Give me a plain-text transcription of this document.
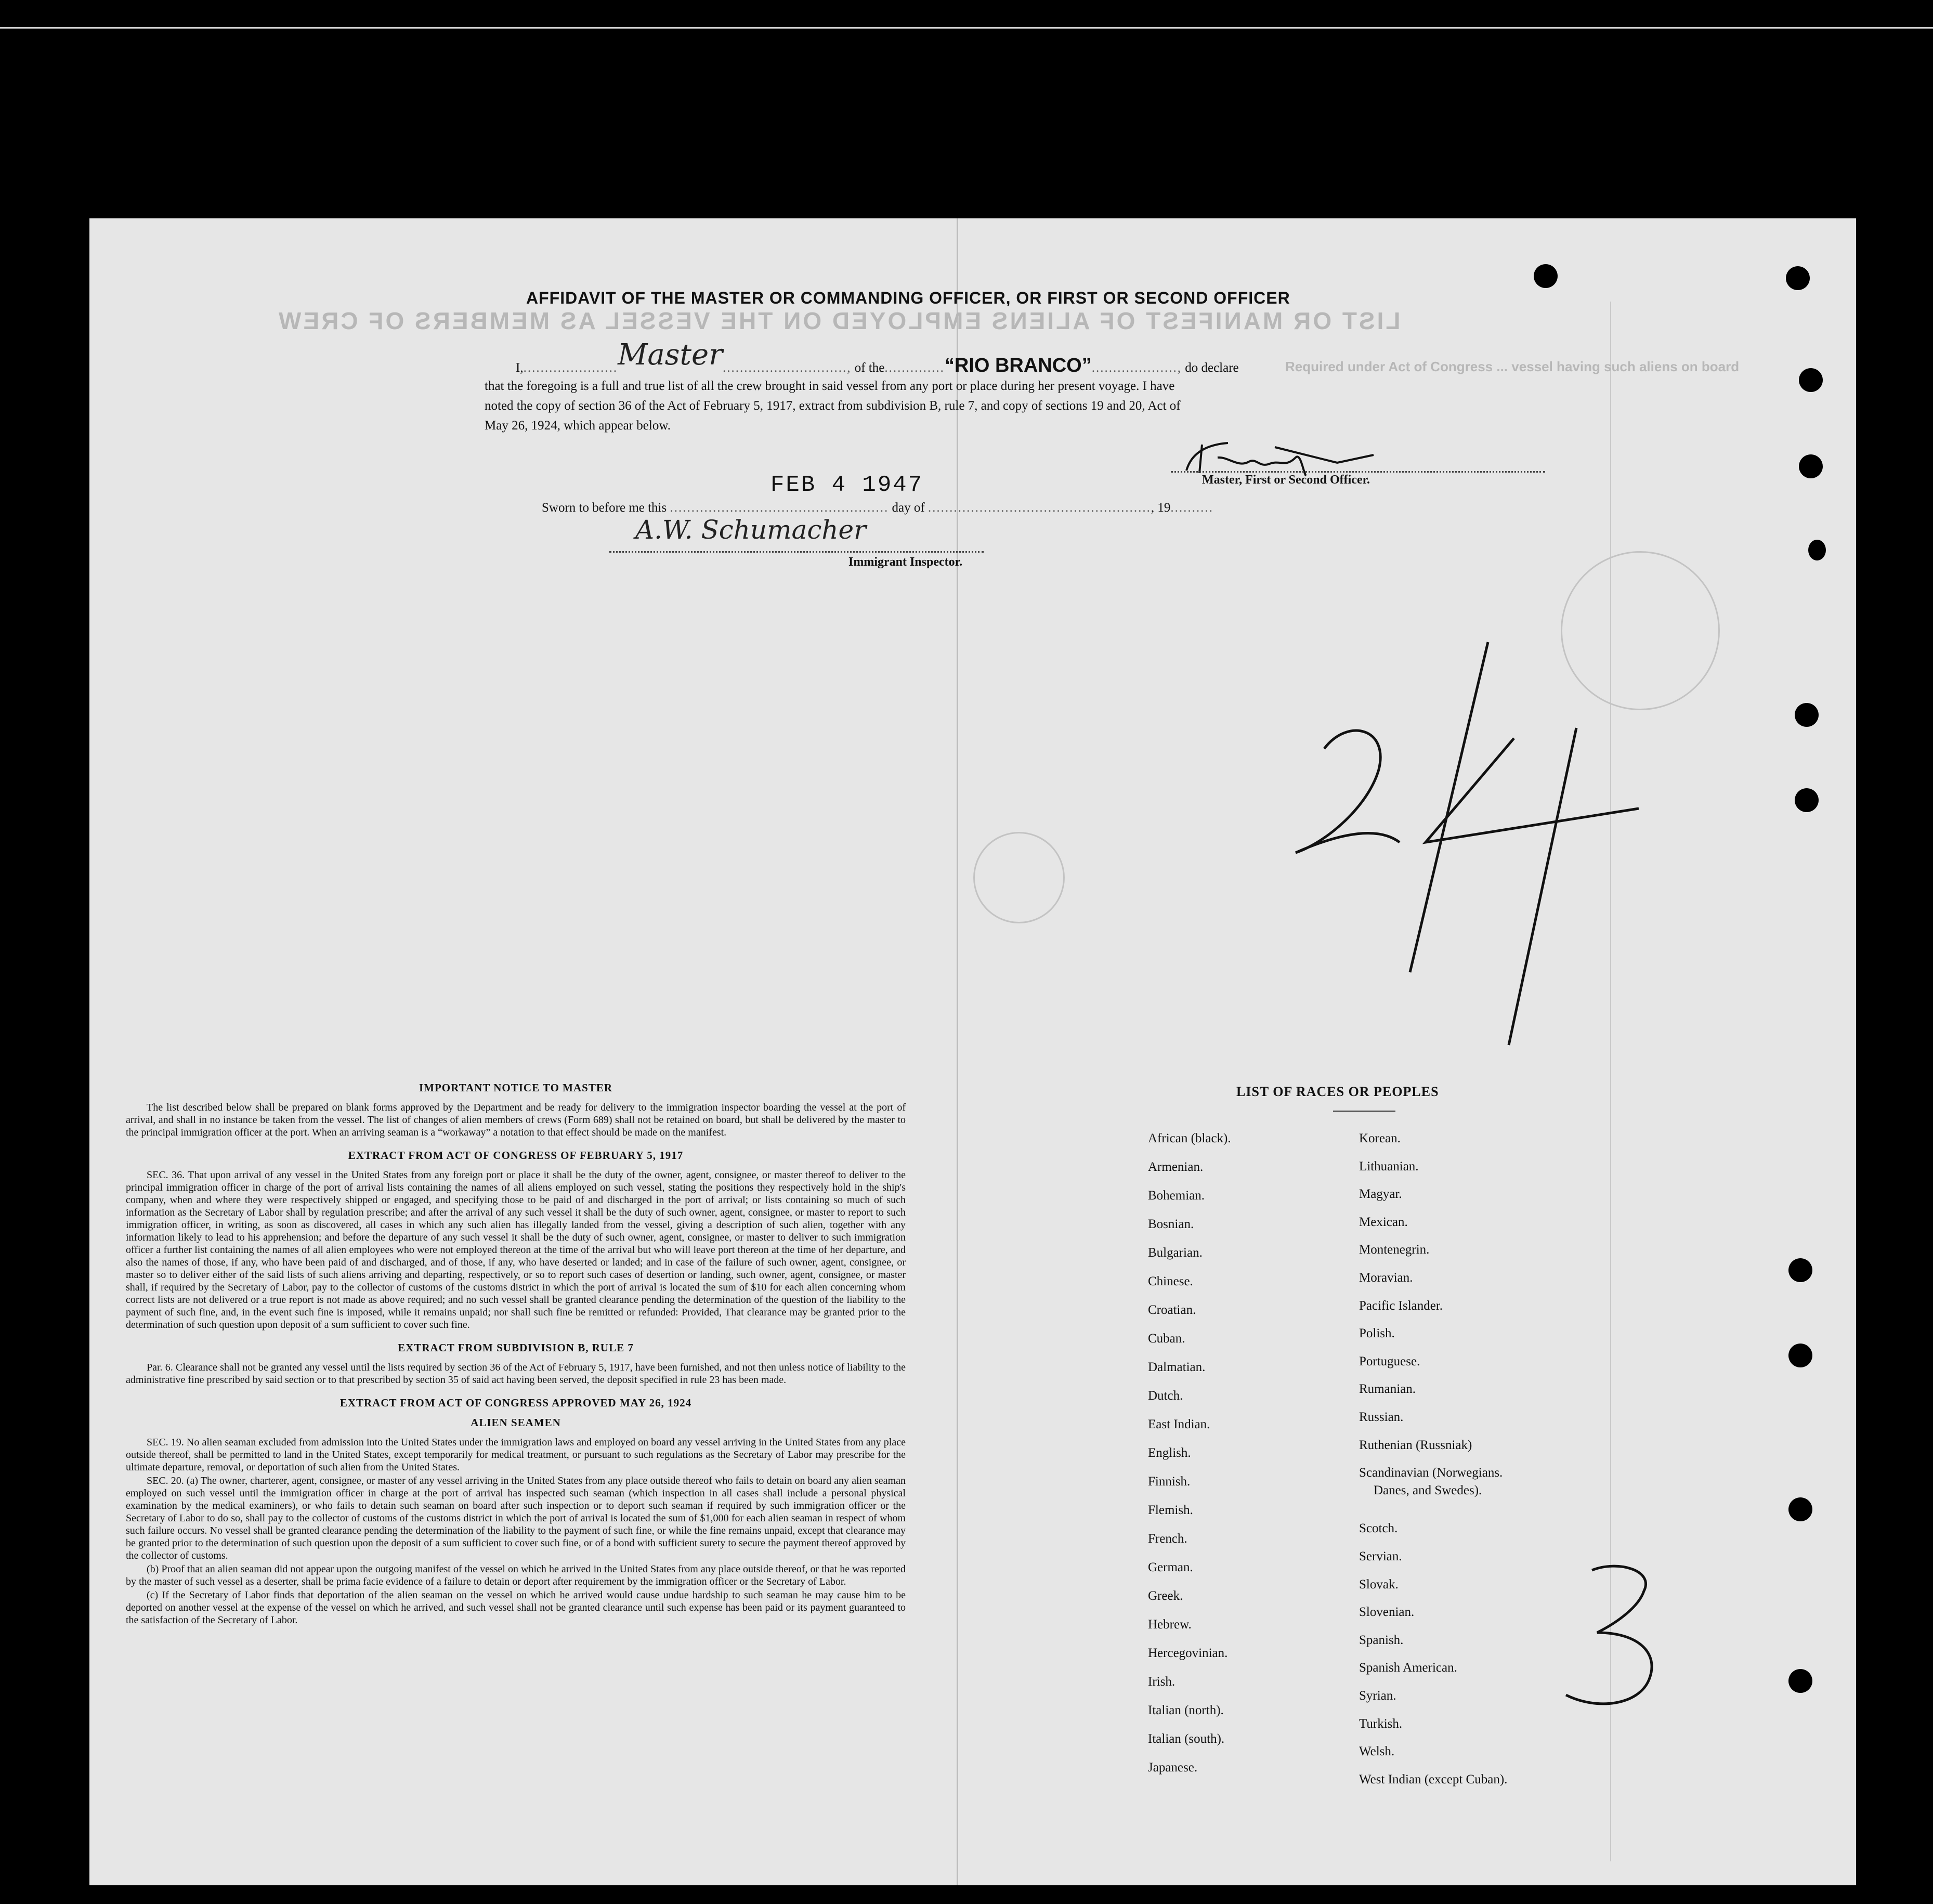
LIST OR MANIFEST OF ALIENS EMPLOYED ON THE VESSEL AS MEMBERS OF CREW
Required under Act of Congress ... vessel having such aliens on board
AFFIDAVIT OF THE MASTER OR COMMANDING OFFICER, OR FIRST OR SECOND OFFICER
I,......................Master............................., of the..............“RIO BRANCO”...................., do declare
that the foregoing is a full and true list of all the crew brought in said vessel from any port or place during her present voyage. I have
noted the copy of section 36 of the Act of February 5, 1917, extract from subdivision B, rule 7, and copy of sections 19 and 20, Act of
May 26, 1924, which appear below.
Master, First or Second Officer.
Sworn to before me this ................................................... day of ...................................................., 19..........
FEB 4 1947
A.W. Schumacher
Immigrant Inspector.
IMPORTANT NOTICE TO MASTER

The list described below shall be prepared on blank forms approved by the Department and be ready for delivery to the immigration inspector boarding the vessel at the port of arrival, and shall in no instance be taken from the vessel. The list of changes of alien members of crews (Form 689) shall not be retained on board, but shall be delivered by the master to the principal immigration officer at the port. When an arriving seaman is a “workaway” a notation to that effect should be made on the manifest.

EXTRACT FROM ACT OF CONGRESS OF FEBRUARY 5, 1917

SEC. 36. That upon arrival of any vessel in the United States from any foreign port or place it shall be the duty of the owner, agent, consignee, or master thereof to deliver to the principal immigration officer in charge of the port of arrival lists containing the names of all aliens employed on such vessel, stating the positions they respectively hold in the ship's company, when and where they were respectively shipped or engaged, and specifying those to be paid of and discharged in the port of arrival; or lists containing so much of such information as the Secretary of Labor shall by regulation prescribe; and after the arrival of any such vessel it shall be the duty of such owner, agent, consignee, or master to report to such immigration officer, in writing, as soon as discovered, all cases in which any such alien has illegally landed from the vessel, giving a description of such alien, together with any information likely to lead to his apprehension; and before the departure of any such vessel it shall be the duty of such owner, agent, consignee, or master to deliver to such immigration officer a further list containing the names of all alien employees who were not employed thereon at the time of the arrival but who will leave port thereon at the time of her departure, and also the names of those, if any, who have been paid of and discharged, and of those, if any, who have deserted or landed; and in case of the failure of such owner, agent, consignee, or master so to deliver either of the said lists of such aliens arriving and departing, respectively, or so to report such cases of desertion or landing, such owner, agent, consignee, or master shall, if required by the Secretary of Labor, pay to the collector of customs of the customs district in which the port of arrival is located the sum of $10 for each alien concerning whom correct lists are not delivered or a true report is not made as above required; and no such vessel shall be granted clearance pending the determination of the question of the liability to the payment of such fine, and, in the event such fine is imposed, while it remains unpaid; nor shall such fine be remitted or refunded: Provided, That clearance may be granted prior to the determination of such question upon deposit of a sum sufficient to cover such fine.

EXTRACT FROM SUBDIVISION B, RULE 7

Par. 6. Clearance shall not be granted any vessel until the lists required by section 36 of the Act of February 5, 1917, have been furnished, and not then unless notice of liability to the administrative fine prescribed by said section or to that prescribed by section 35 of said act having been served, the deposit specified in rule 23 has been made.

EXTRACT FROM ACT OF CONGRESS APPROVED MAY 26, 1924
ALIEN SEAMEN

SEC. 19. No alien seaman excluded from admission into the United States under the immigration laws and employed on board any vessel arriving in the United States from any place outside thereof, shall be permitted to land in the United States, except temporarily for medical treatment, or pursuant to such regulations as the Secretary of Labor may prescribe for the ultimate departure, removal, or deportation of such alien from the United States.

SEC. 20. (a) The owner, charterer, agent, consignee, or master of any vessel arriving in the United States from any place outside thereof who fails to detain on board any alien seaman employed on such vessel until the immigration officer in charge at the port of arrival has inspected such seaman (which inspection in all cases shall include a personal physical examination by the medical examiners), or who fails to detain such seaman on board after such inspection or to deport such seaman if required by such immigration officer or the Secretary of Labor to do so, shall pay to the collector of customs of the customs district in which the port of arrival is located the sum of $1,000 for each alien seaman in respect of whom such failure occurs. No vessel shall be granted clearance pending the determination of the liability to the payment of such fine, or while the fine remains unpaid, except that clearance may be granted prior to the determination of such question upon the deposit of a sum sufficient to cover such fine, or of a bond with sufficient surety to secure the payment thereof approved by the collector of customs.

(b) Proof that an alien seaman did not appear upon the outgoing manifest of the vessel on which he arrived in the United States from any place outside thereof, or that he was reported by the master of such vessel as a deserter, shall be prima facie evidence of a failure to detain or deport after requirement by the immigration officer or the Secretary of Labor.

(c) If the Secretary of Labor finds that deportation of the alien seaman on the vessel on which he arrived would cause undue hardship to such seaman he may cause him to be deported on another vessel at the expense of the vessel on which he arrived, and such vessel shall not be granted clearance until such expense has been paid or its payment guaranteed to the satisfaction of the Secretary of Labor.

LIST OF RACES OR PEOPLES
African (black).
Armenian.
Bohemian.
Bosnian.
Bulgarian.
Chinese.
Croatian.
Cuban.
Dalmatian.
Dutch.
East Indian.
English.
Finnish.
Flemish.
French.
German.
Greek.
Hebrew.
Hercegovinian.
Irish.
Italian (north).
Italian (south).
Japanese.
Korean.
Lithuanian.
Magyar.
Mexican.
Montenegrin.
Moravian.
Pacific Islander.
Polish.
Portuguese.
Rumanian.
Russian.
Ruthenian (Russniak)
Scandinavian (Norwegians.
Danes, and Swedes).
Scotch.
Servian.
Slovak.
Slovenian.
Spanish.
Spanish American.
Syrian.
Turkish.
Welsh.
West Indian (except Cuban).
